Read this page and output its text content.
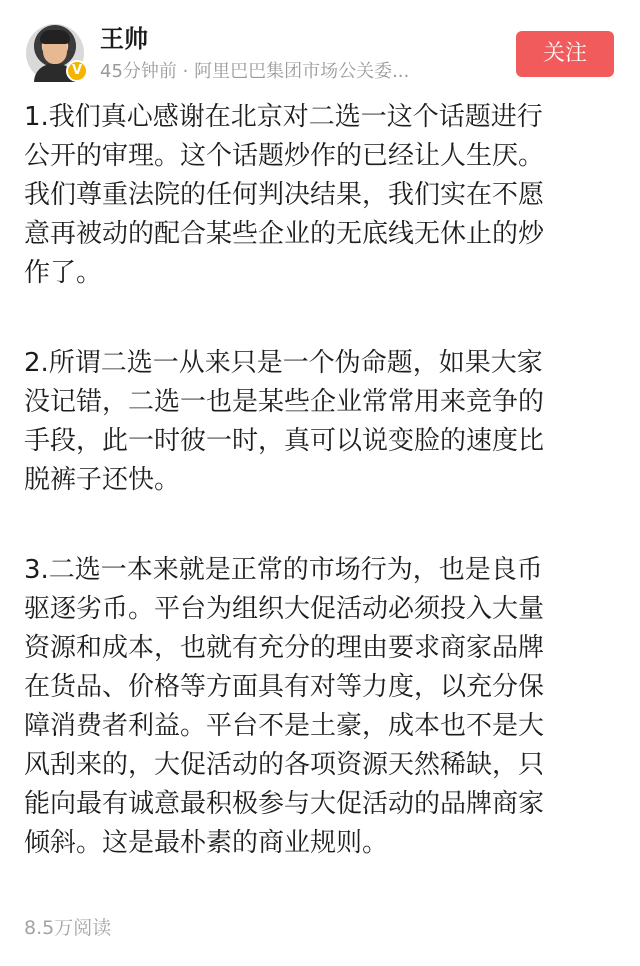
V
王帅
45分钟前 · 阿里巴巴集团市场公关委...
关注

1.我们真心感谢在北京对二选一这个话题进行
公开的审理。这个话题炒作的已经让人生厌。
我们尊重法院的任何判决结果，我们实在不愿
意再被动的配合某些企业的无底线无休止的炒
作了。

2.所谓二选一从来只是一个伪命题，如果大家
没记错，二选一也是某些企业常常用来竞争的
手段，此一时彼一时，真可以说变脸的速度比
脱裤子还快。

3.二选一本来就是正常的市场行为，也是良币
驱逐劣币。平台为组织大促活动必须投入大量
资源和成本，也就有充分的理由要求商家品牌
在货品、价格等方面具有对等力度，以充分保
障消费者利益。平台不是土豪，成本也不是大
风刮来的，大促活动的各项资源天然稀缺，只
能向最有诚意最积极参与大促活动的品牌商家
倾斜。这是最朴素的商业规则。

8.5万阅读
